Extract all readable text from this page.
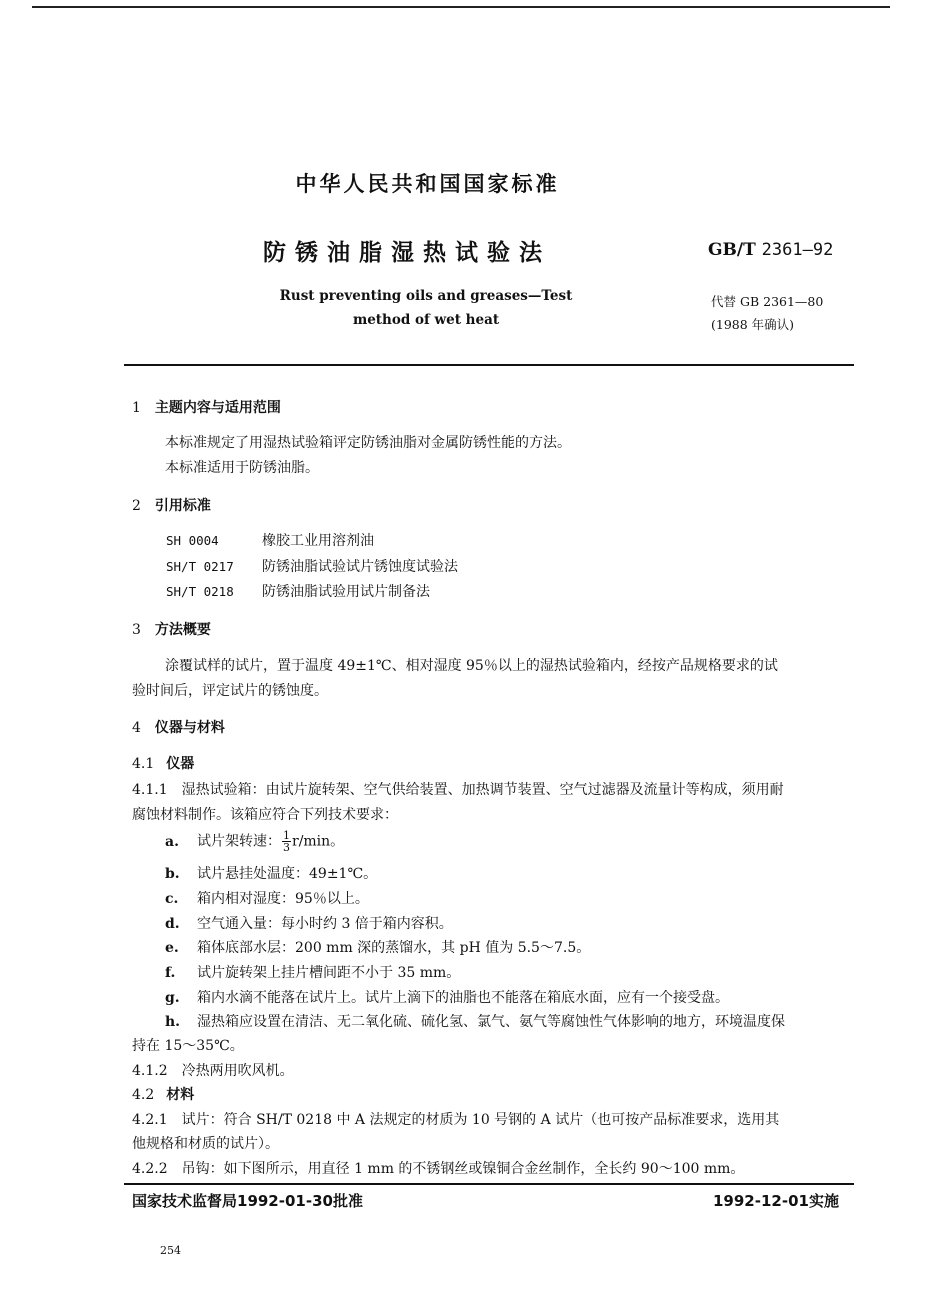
中华人民共和国国家标准
防锈油脂湿热试验法	GB/T 2361—92
Rust preventing oils and greases—Test
method of wet heat
代替 GB 2361—80
(1988 年确认)
1 主题内容与适用范围
本标准规定了用湿热试验箱评定防锈油脂对金属防锈性能的方法。
本标准适用于防锈油脂。
2 引用标准
SH 0004	橡胶工业用溶剂油
SH/T 0217 防锈油脂试验试片锈蚀度试验法
SH/T 0218 防锈油脂试验用试片制备法
3 方法概要
涂覆试样的试片，置于温度 49±1℃、相对湿度 95％以上的湿热试验箱内，经按产品规格要求的试
验时间后，评定试片的锈蚀度。
4 仪器与材料
4.1 仪器
4.1.1 湿热试验箱：由试片旋转架、空气供给装置、加热调节装置、空气过滤器及流量计等构成，须用耐
腐蚀材料制作。该箱应符合下列技术要求：
a. 试片架转速： $\frac{1}{3} r/\min$。
b. 试片悬挂处温度：49±1℃。
c. 箱内相对湿度：95％以上。
d. 空气通入量：每小时约 3 倍于箱内容积。
e. 箱体底部水层：200 mm 深的蒸馏水，其 pH 值为 5.5～7.5。
f. 试片旋转架上挂片槽间距不小于 35 mm。
g. 箱内水滴不能落在试片上。试片上滴下的油脂也不能落在箱底水面，应有一个接受盘。
h. 湿热箱应设置在清洁、无二氧化硫、硫化氢、氯气、氨气等腐蚀性气体影响的地方，环境温度保
持在 15～35℃。
4.1.2 冷热两用吹风机。
4.2 材料
4.2.1 试片：符合 SH/T 0218 中 A 法规定的材质为 10 号钢的 A 试片（也可按产品标准要求，选用其
他规格和材质的试片）。
4.2.2 吊钩：如下图所示，用直径 1 mm 的不锈钢丝或镍铜合金丝制作，全长约 90～100 mm。
国家技术监督局1992-01-30批准	1992-12-01实施
254
